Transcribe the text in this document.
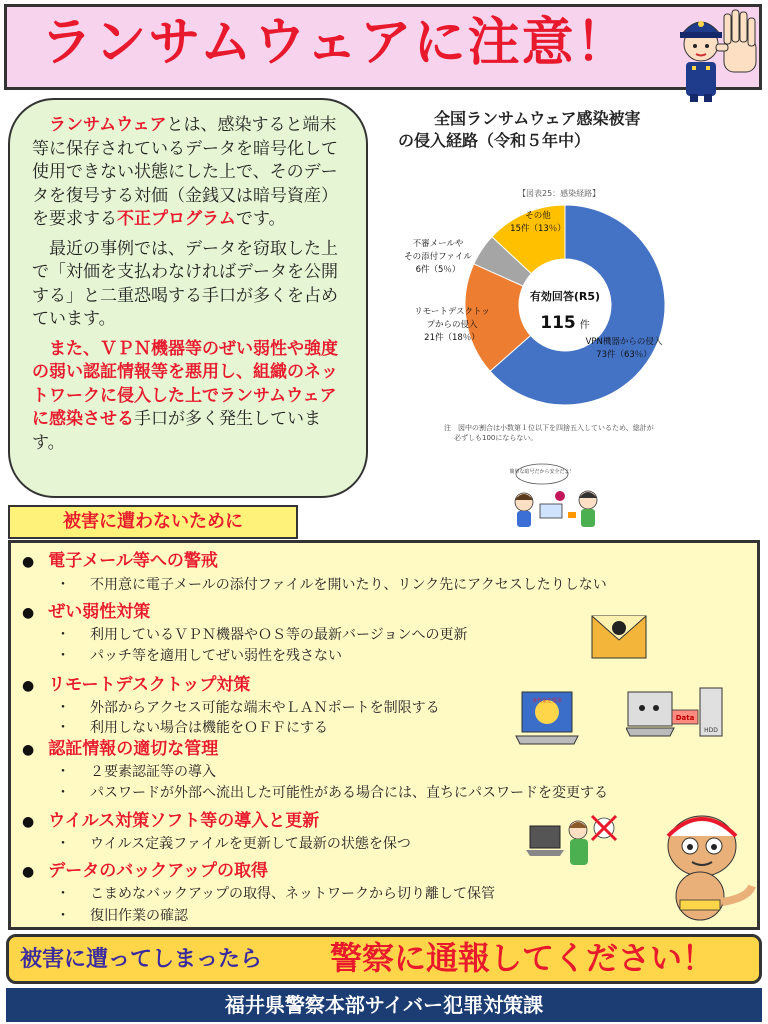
ランサムウェアに注意！

 ランサムウェアとは、感染すると端末等に保存されているデータを暗号化して使用できない状態にした上で、そのデータを復号する対価（金銭又は暗号資産）を要求する不正プログラムです。

 最近の事例では、データを窃取した上で「対価を支払わなければデータを公開する」と二重恐喝する手口が多くを占めています。

 また、ＶＰＮ機器等のぜい弱性や強度の弱い認証情報等を悪用し、組織のネットワークに侵入した上でランサムウェアに感染させる手口が多く発生しています。

全国ランサムウェア感染被害
の侵入経路（令和５年中）
【図表25：感染経路】
有効回答(R5)
115 件
VPN機器からの侵入
73件（63％）
リモートデスクトッ
プからの侵入
21件（18％）
不審メールや
その添付ファイル
6件（5％）
その他
15件（13％）
注　図中の割合は小数第１位以下を四捨五入しているため、総計が
必ずしも100にならない。
簡単な暗号だから安全だよ！
被害に遭わないために
● 電子メール等への警戒
・ 不用意に電子メールの添付ファイルを開いたり、リンク先にアクセスしたりしない
● ぜい弱性対策
・ 利用しているＶＰＮ機器やＯＳ等の最新バージョンへの更新
・ パッチ等を適用してぜい弱性を残さない
● リモートデスクトップ対策
・ 外部からアクセス可能な端末やＬＡＮポートを制限する
・ 利用しない場合は機能をＯＦＦにする
● 認証情報の適切な管理
・ ２要素認証等の導入
・ パスワードが外部へ流出した可能性がある場合には、直ちにパスワードを変更する
● ウイルス対策ソフト等の導入と更新
・ ウイルス定義ファイルを更新して最新の状態を保つ
● データのバックアップの取得
・ こまめなバックアップの取得、ネットワークから切り離して保管
・ 復旧作業の確認
身代金を要求
Data
HDD
被害に遭ってしまったら 警察に通報してください！
福井県警察本部サイバー犯罪対策課
